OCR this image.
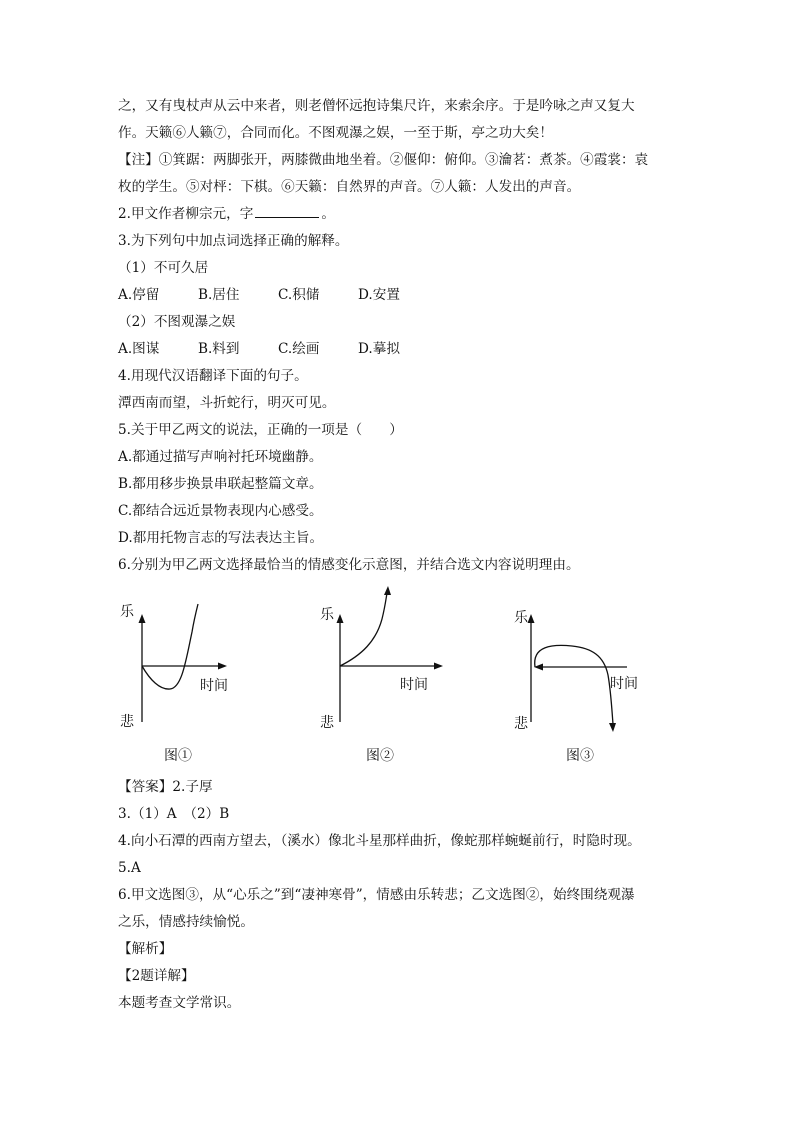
之，又有曳杖声从云中来者，则老僧怀远抱诗集尺许，来索余序。于是吟咏之声又复大
作。天籁⑥人籁⑦，合同而化。不图观瀑之娱，一至于斯，亭之功大矣！
【注】①箕踞：两脚张开，两膝微曲地坐着。②偃仰：俯仰。③瀹茗：煮茶。④霞裳：袁
枚的学生。⑤对枰：下棋。⑥天籁：自然界的声音。⑦人籁：人发出的声音。
2.甲文作者柳宗元，字	。
3.为下列句中加点词选择正确的解释。
（1）不可久居
A.停留	B.居住	C.积储	D.安置
（2）不图观瀑之娱
A.图谋	B.料到	C.绘画	D.摹拟
4.用现代汉语翻译下面的句子。
潭西南而望，斗折蛇行，明灭可见。
5.关于甲乙两文的说法，正确的一项是（　　）
A.都通过描写声响衬托环境幽静。
B.都用移步换景串联起整篇文章。
C.都结合远近景物表现内心感受。
D.都用托物言志的写法表达主旨。
6.分别为甲乙两文选择最恰当的情感变化示意图，并结合选文内容说明理由。
乐
悲
时间
图①
乐
悲
时间
图②
乐
悲
时间
图③
【答案】2.子厚
3.（1）A　（2）B
4.向小石潭的西南方望去，（溪水）像北斗星那样曲折，像蛇那样蜿蜒前行，时隐时现。
5.A
6.甲文选图③，从“心乐之”到“凄神寒骨”，情感由乐转悲；乙文选图②，始终围绕观瀑
之乐，情感持续愉悦。
【解析】
【2题详解】
本题考查文学常识。
